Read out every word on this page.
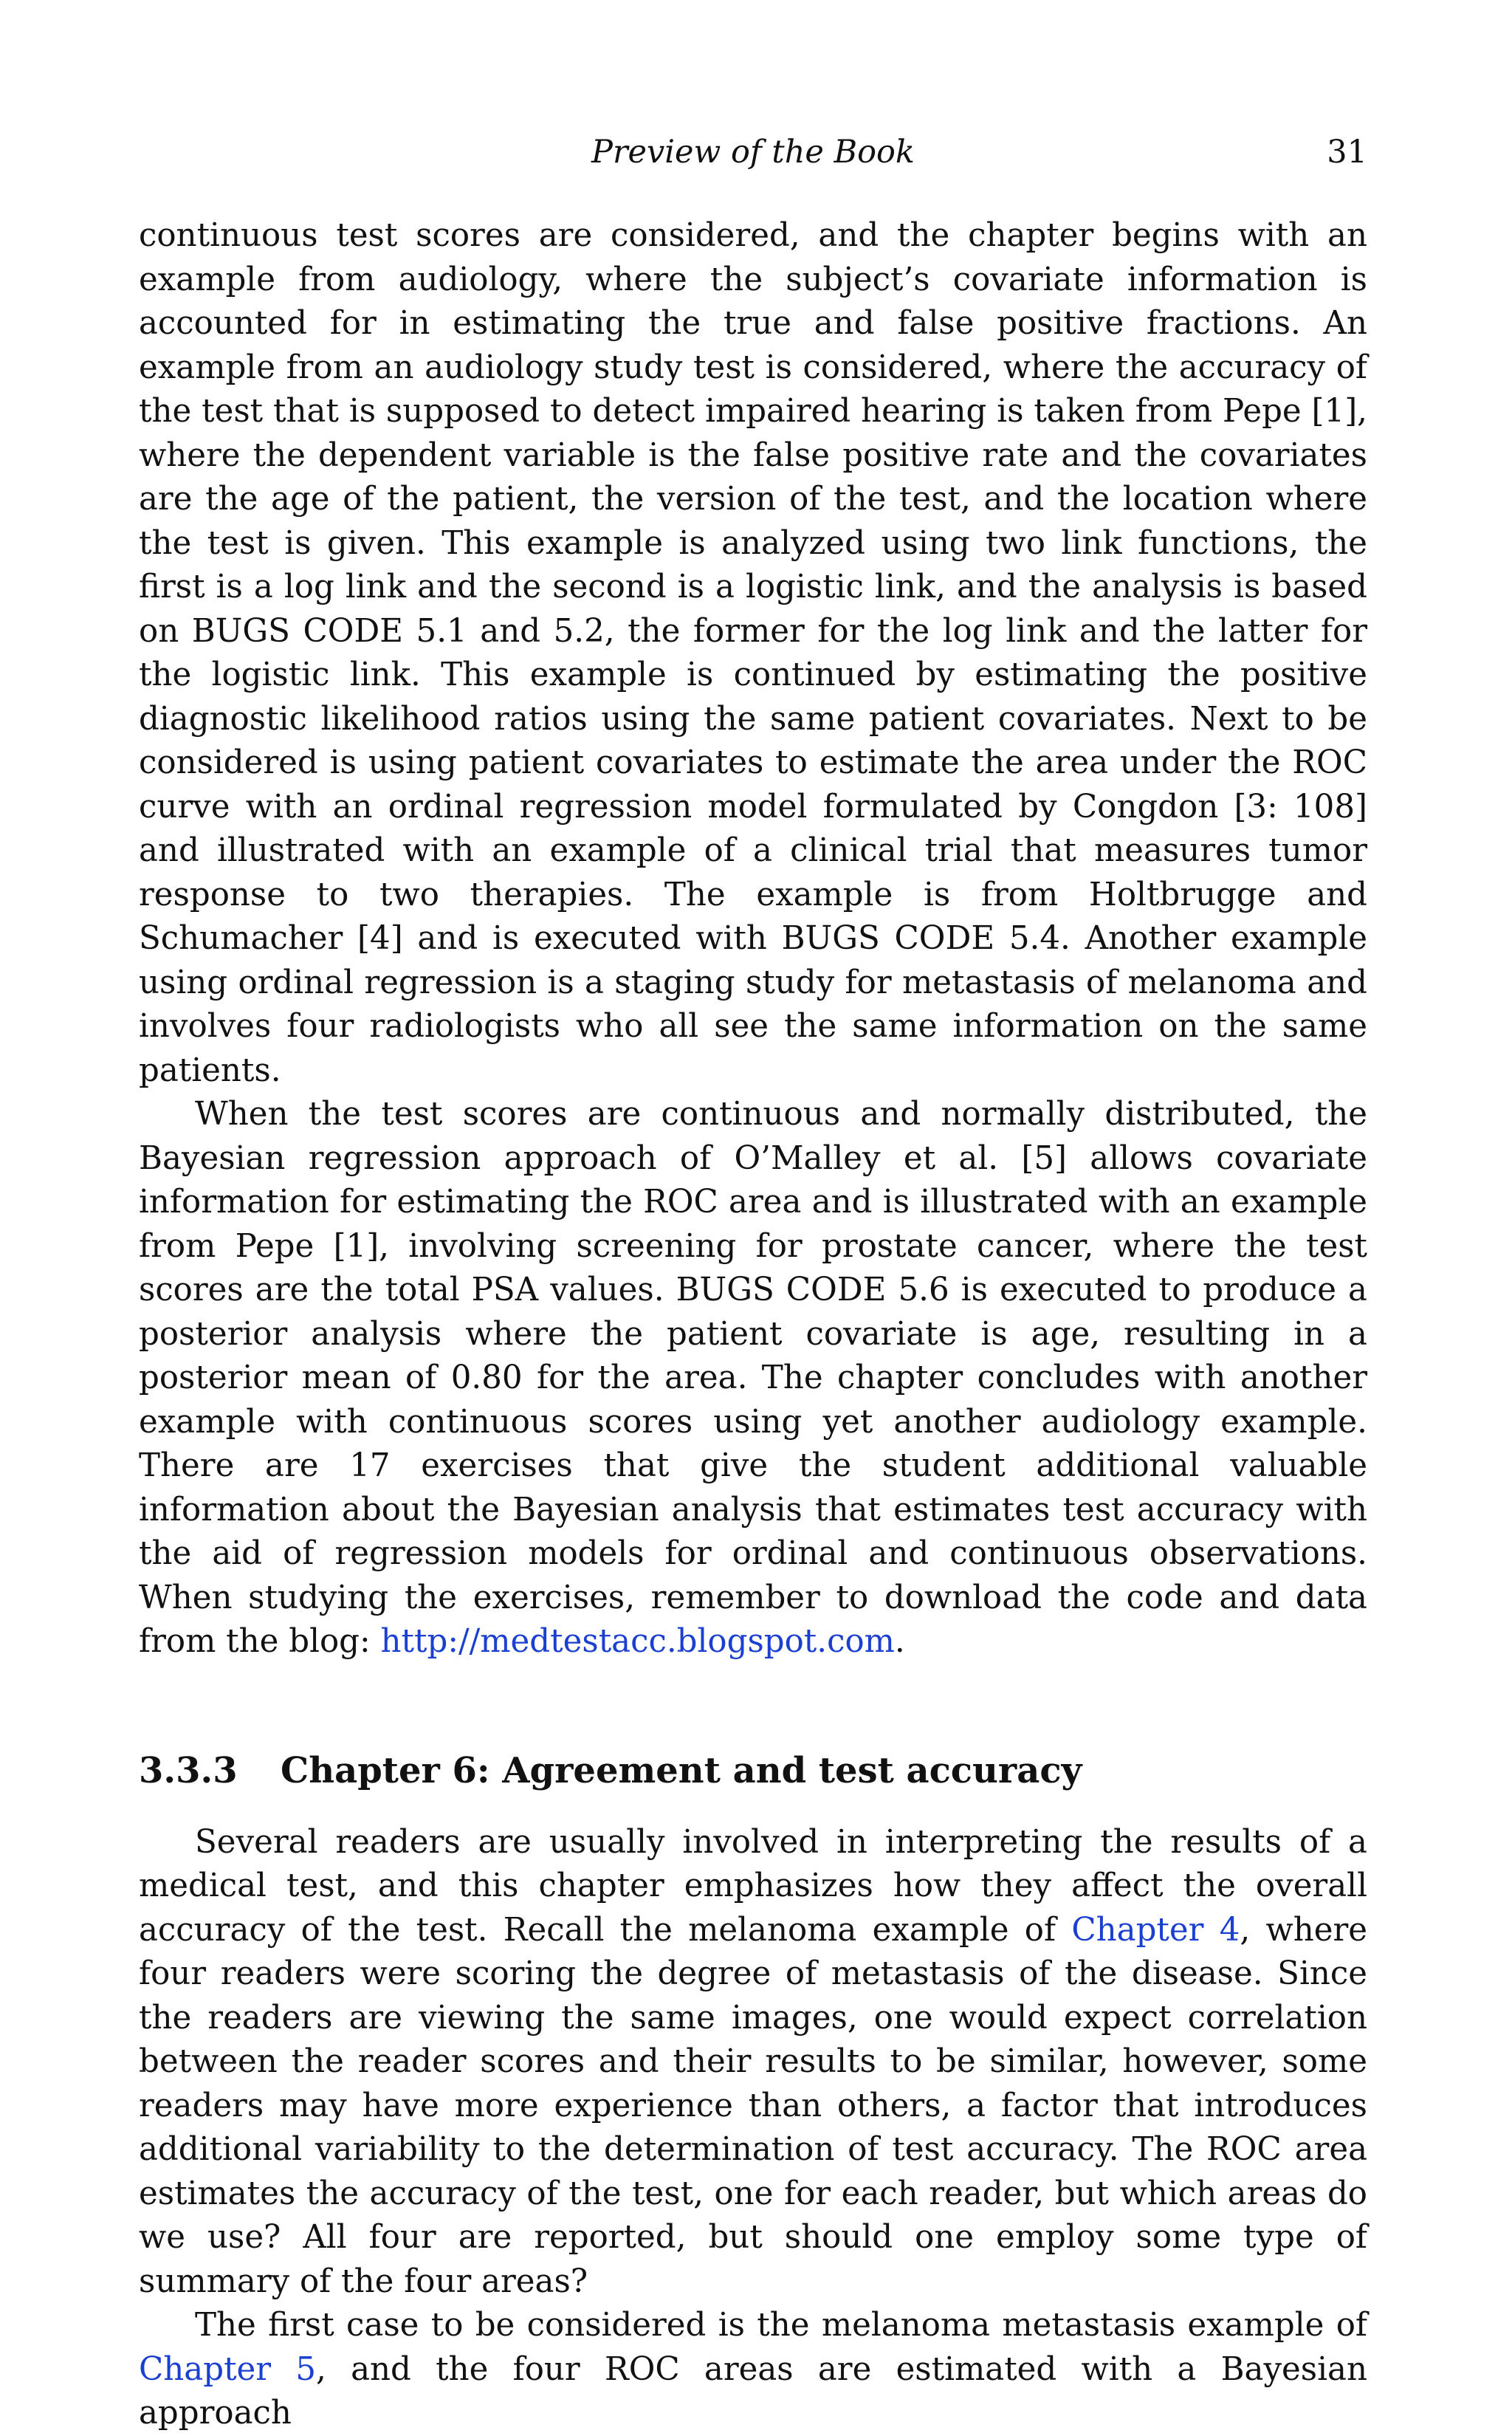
Preview of the Book	31

continuous test scores are considered, and the chapter begins with an example from audiology, where the subject’s covariate information is accounted for in estimating the true and false positive fractions. An example from an audiology study test is considered, where the accuracy of the test that is supposed to detect impaired hearing is taken from Pepe [1], where the dependent variable is the false positive rate and the covariates are the age of the patient, the version of the test, and the location where the test is given. This example is analyzed using two link functions, the first is a log link and the second is a logistic link, and the analysis is based on BUGS CODE 5.1 and 5.2, the former for the log link and the latter for the logistic link. This example is continued by estimating the positive diagnostic likelihood ratios using the same patient covariates. Next to be considered is using patient covariates to estimate the area under the ROC curve with an ordinal regression model formulated by Congdon [3: 108] and illustrated with an example of a clinical trial that measures tumor response to two therapies. The example is from Holtbrugge and Schumacher [4] and is executed with BUGS CODE 5.4. Another example using ordinal regression is a staging study for metastasis of melanoma and involves four radiologists who all see the same information on the same patients.

When the test scores are continuous and normally distributed, the Bayesian regression approach of O’Malley et al. [5] allows covariate information for estimating the ROC area and is illustrated with an example from Pepe [1], involving screening for prostate cancer, where the test scores are the total PSA values. BUGS CODE 5.6 is executed to produce a posterior analysis where the patient covariate is age, resulting in a posterior mean of 0.80 for the area. The chapter concludes with another example with continuous scores using yet another audiology example. There are 17 exercises that give the student additional valuable information about the Bayesian analysis that estimates test accuracy with the aid of regression models for ordinal and continuous observations. When studying the exercises, remember to download the code and data from the blog: http://medtestacc.blogspot.com.

3.3.3	Chapter 6: Agreement and test accuracy

Several readers are usually involved in interpreting the results of a medical test, and this chapter emphasizes how they affect the overall accuracy of the test. Recall the melanoma example of Chapter 4, where four readers were scoring the degree of metastasis of the disease. Since the readers are viewing the same images, one would expect correlation between the reader scores and their results to be similar, however, some readers may have more experience than others, a factor that introduces additional variability to the determination of test accuracy. The ROC area estimates the accuracy of the test, one for each reader, but which areas do we use? All four are reported, but should one employ some type of summary of the four areas?

The first case to be considered is the melanoma metastasis example of Chapter 5, and the four ROC areas are estimated with a Bayesian approach
